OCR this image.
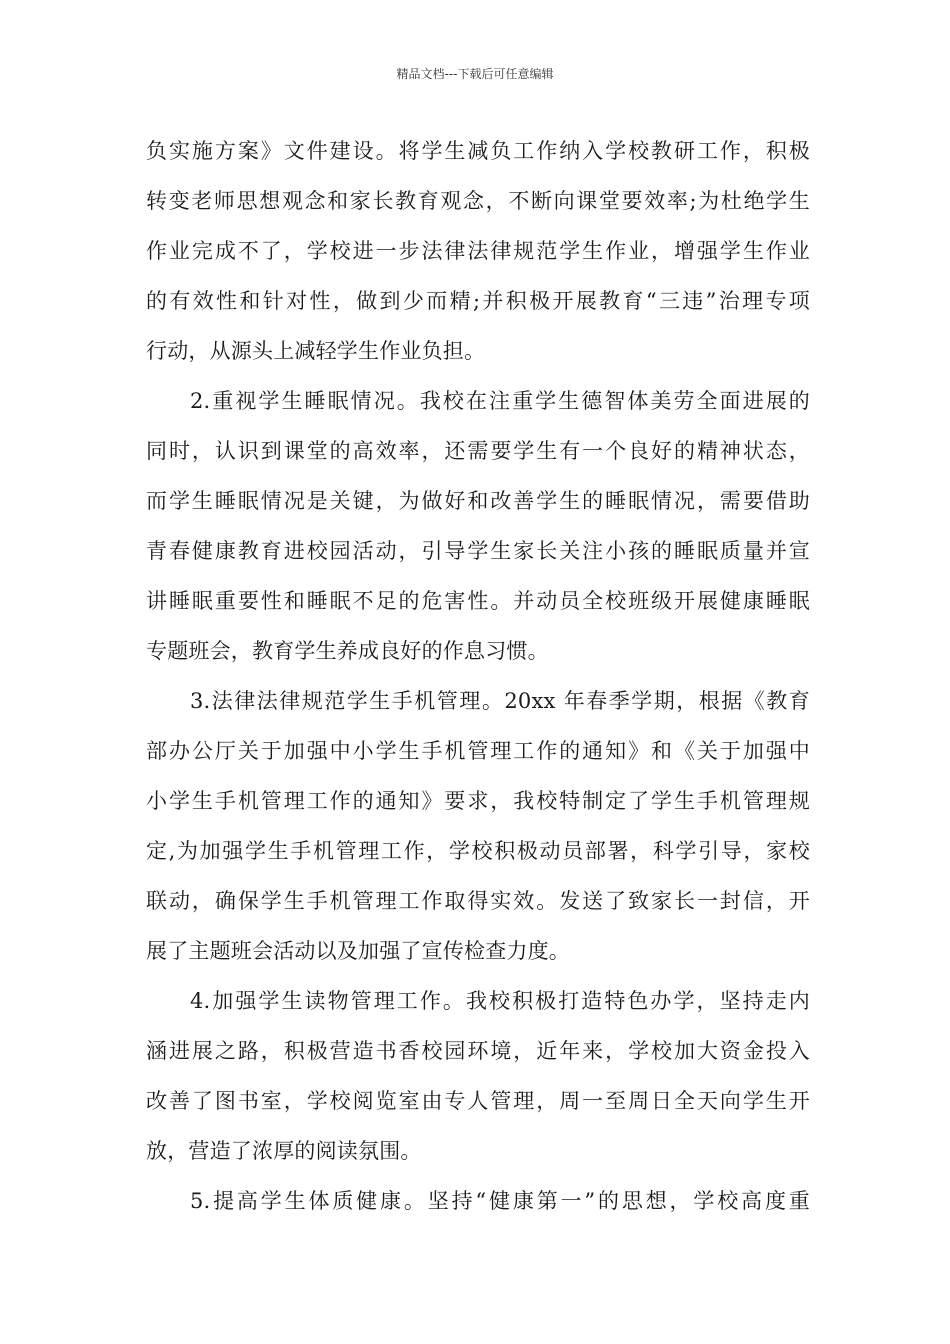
精品文档---下载后可任意编辑
负实施方案》文件建设。将学生减负工作纳入学校教研工作，积极
转变老师思想观念和家长教育观念，不断向课堂要效率;为杜绝学生
作业完成不了，学校进一步法律法律规范学生作业，增强学生作业
的有效性和针对性，做到少而精;并积极开展教育“三违”治理专项
行动，从源头上减轻学生作业负担。
2.重视学生睡眠情况。我校在注重学生德智体美劳全面进展的
同时，认识到课堂的高效率，还需要学生有一个良好的精神状态，
而学生睡眠情况是关键，为做好和改善学生的睡眠情况，需要借助
青春健康教育进校园活动，引导学生家长关注小孩的睡眠质量并宣
讲睡眠重要性和睡眠不足的危害性。并动员全校班级开展健康睡眠
专题班会，教育学生养成良好的作息习惯。
3.法律法律规范学生手机管理。20xx 年春季学期，根据《教育
部办公厅关于加强中小学生手机管理工作的通知》和《关于加强中
小学生手机管理工作的通知》要求，我校特制定了学生手机管理规
定,为加强学生手机管理工作，学校积极动员部署，科学引导，家校
联动，确保学生手机管理工作取得实效。发送了致家长一封信，开
展了主题班会活动以及加强了宣传检查力度。
4.加强学生读物管理工作。我校积极打造特色办学，坚持走内
涵进展之路，积极营造书香校园环境，近年来，学校加大资金投入
改善了图书室，学校阅览室由专人管理，周一至周日全天向学生开
放，营造了浓厚的阅读氛围。
5.提高学生体质健康。坚持“健康第一”的思想，学校高度重
